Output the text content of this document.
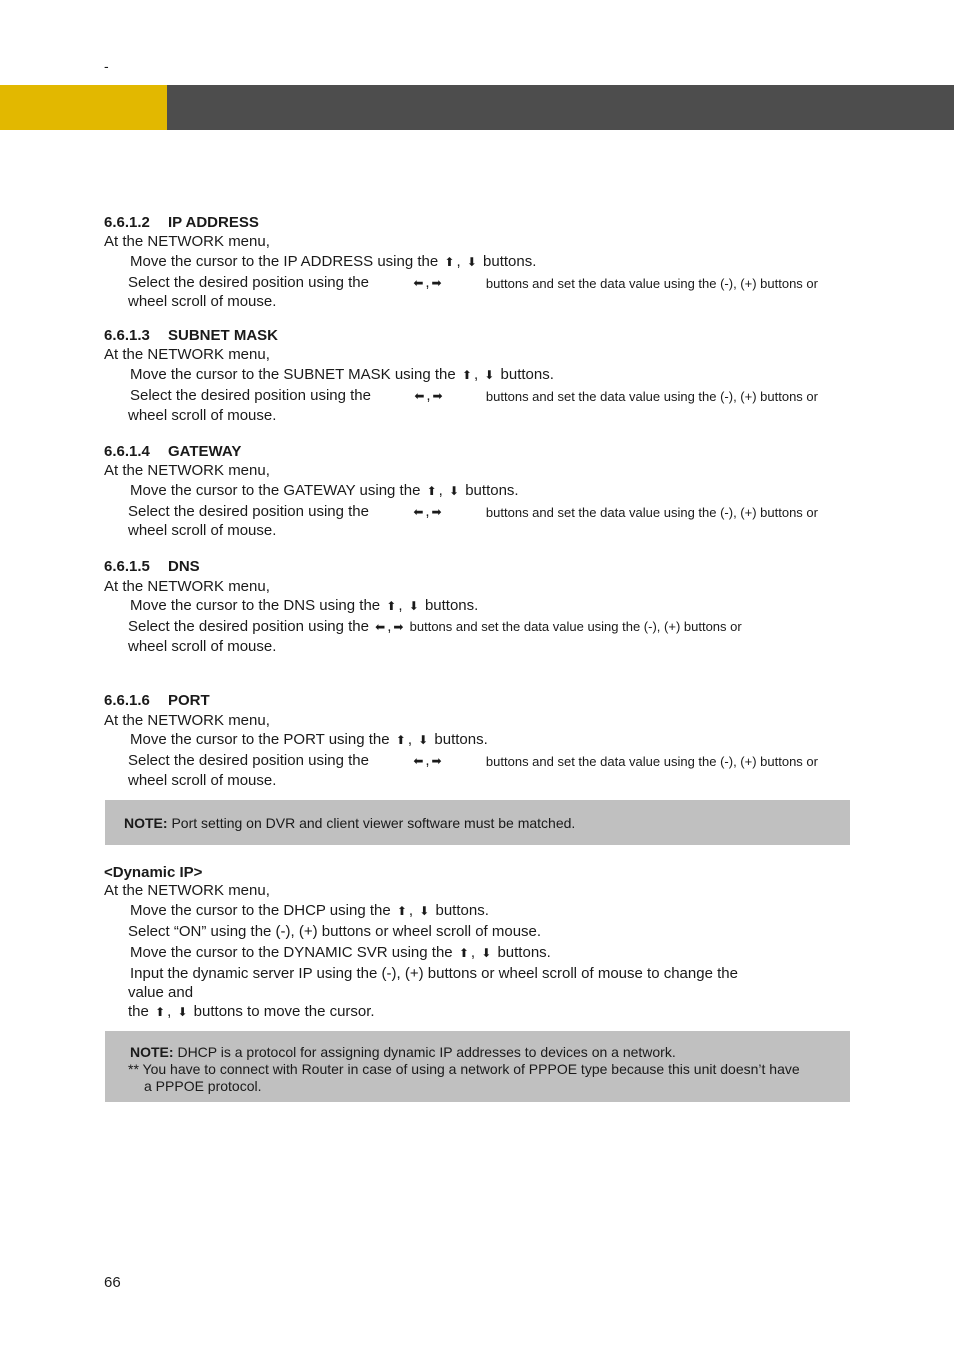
-
6.6.1.2 IP ADDRESS
At the NETWORK menu,
Move the cursor to the IP ADDRESS using the ⬆ , ⬇ buttons.
Select the desired position using the	⬅ , ➡	buttons and set the data value using the (-), (+) buttons or
wheel scroll of mouse.
6.6.1.3 SUBNET MASK
At the NETWORK menu,
Move the cursor to the SUBNET MASK using the ⬆ , ⬇ buttons.
Select the desired position using the	⬅ , ➡	buttons and set the data value using the (-), (+) buttons or
wheel scroll of mouse.
6.6.1.4 GATEWAY
At the NETWORK menu,
Move the cursor to the GATEWAY using the ⬆ , ⬇ buttons.
Select the desired position using the	⬅ , ➡	buttons and set the data value using the (-), (+) buttons or
wheel scroll of mouse.
6.6.1.5 DNS
At the NETWORK menu,
Move the cursor to the DNS using the ⬆ , ⬇ buttons.
Select the desired position using the ⬅ , ➡ buttons and set the data value using the (-), (+) buttons or
wheel scroll of mouse.
6.6.1.6 PORT
At the NETWORK menu,
Move the cursor to the PORT using the ⬆ , ⬇ buttons.
Select the desired position using the	⬅ , ➡	buttons and set the data value using the (-), (+) buttons or
wheel scroll of mouse.
NOTE: Port setting on DVR and client viewer software must be matched.
<Dynamic IP>
At the NETWORK menu,
Move the cursor to the DHCP using the ⬆ , ⬇ buttons.
Select “ON” using the (-), (+) buttons or wheel scroll of mouse.
Move the cursor to the DYNAMIC SVR using the ⬆ , ⬇ buttons.
Input the dynamic server IP using the (-), (+) buttons or wheel scroll of mouse to change the
value and
the ⬆ , ⬇ buttons to move the cursor.
NOTE: DHCP is a protocol for assigning dynamic IP addresses to devices on a network.
** You have to connect with Router in case of using a network of PPPOE type because this unit doesn’t have
a PPPOE protocol.
66
